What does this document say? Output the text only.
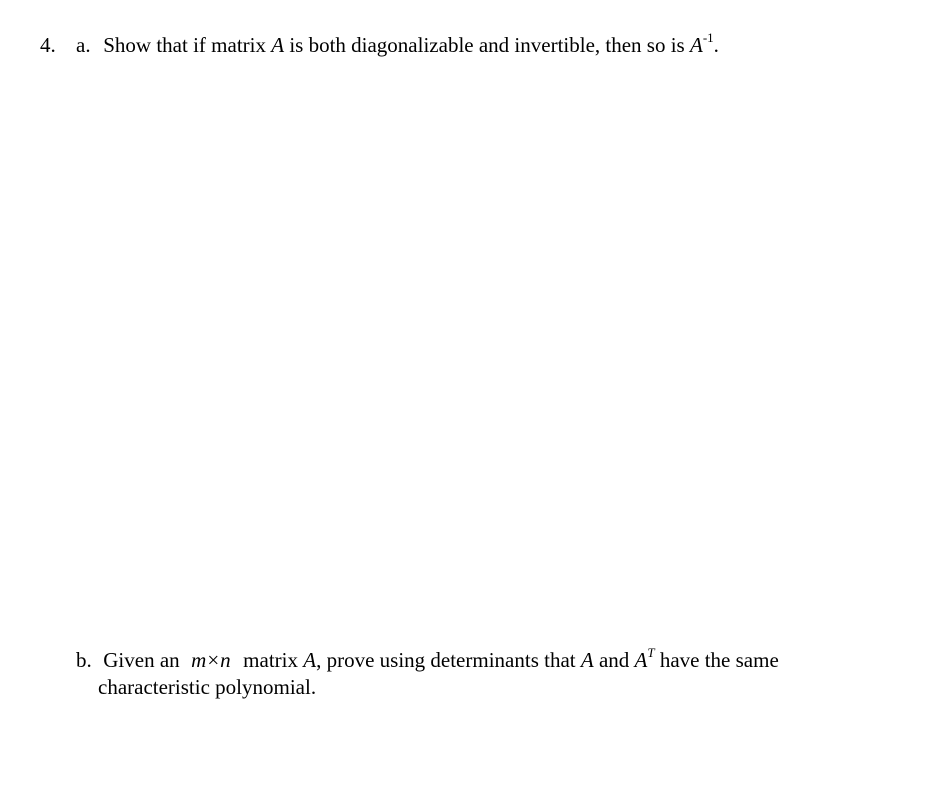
4. a. Show that if matrix A is both diagonalizable and invertible, then so is $A^{-1}$.
b. Given an m×n matrix A, prove using determinants that A and $A^T$ have the same
characteristic polynomial.
